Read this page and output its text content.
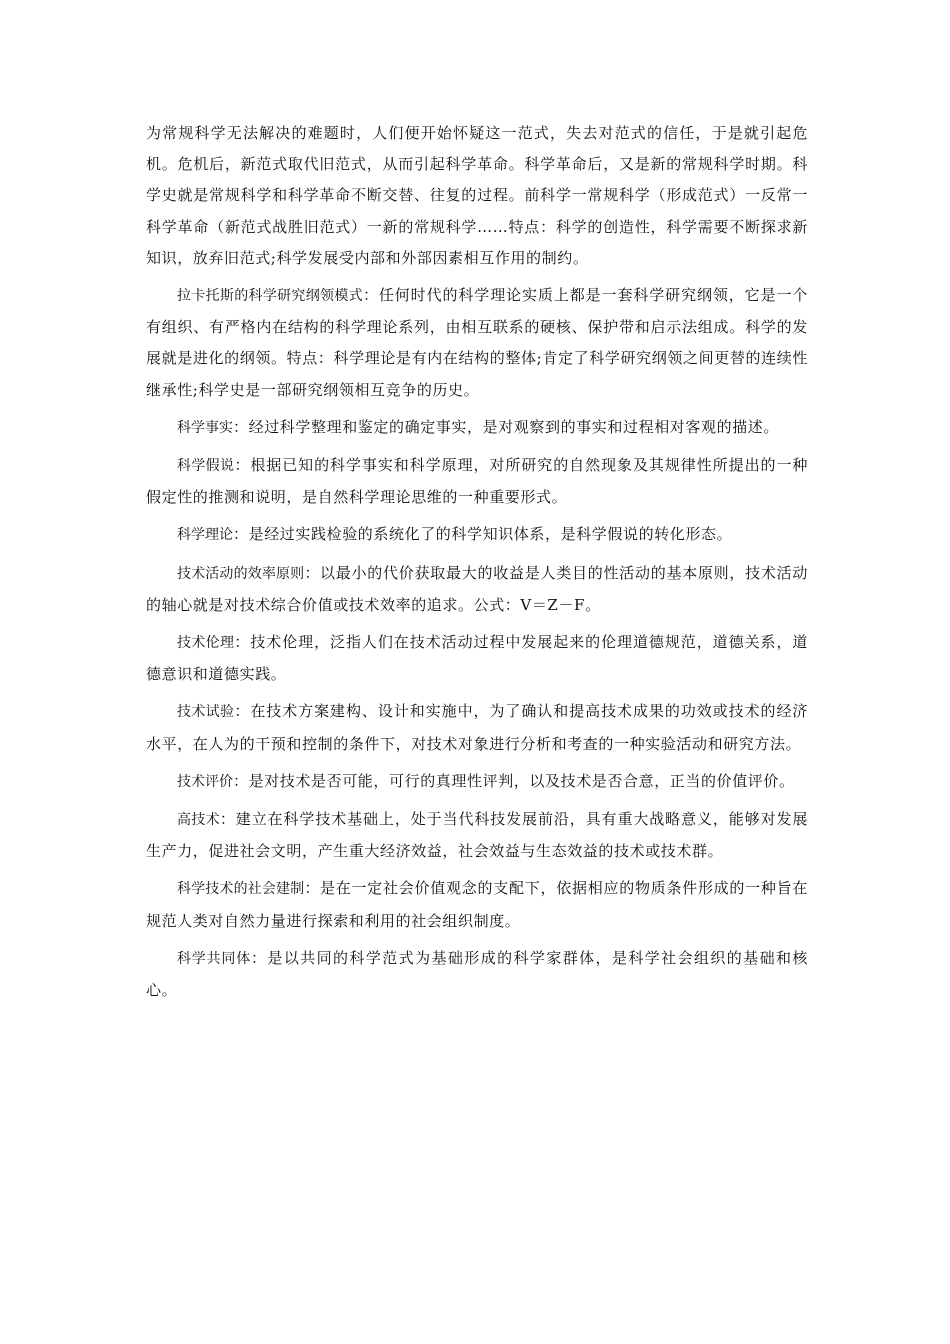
为常规科学无法解决的难题时，人们便开始怀疑这一范式，失去对范式的信任，于是就引起危机。危机后，新范式取代旧范式，从而引起科学革命。科学革命后，又是新的常规科学时期。科学史就是常规科学和科学革命不断交替、往复的过程。前科学一常规科学（形成范式）一反常一科学革命（新范式战胜旧范式）一新的常规科学……特点：科学的创造性，科学需要不断探求新知识，放弃旧范式;科学发展受内部和外部因素相互作用的制约。

拉卡托斯的科学研究纲领模式：任何时代的科学理论实质上都是一套科学研究纲领，它是一个有组织、有严格内在结构的科学理论系列，由相互联系的硬核、保护带和启示法组成。科学的发展就是进化的纲领。特点：科学理论是有内在结构的整体;肯定了科学研究纲领之间更替的连续性继承性;科学史是一部研究纲领相互竞争的历史。

科学事实：经过科学整理和鉴定的确定事实，是对观察到的事实和过程相对客观的描述。

科学假说：根据已知的科学事实和科学原理，对所研究的自然现象及其规律性所提出的一种假定性的推测和说明，是自然科学理论思维的一种重要形式。

科学理论：是经过实践检验的系统化了的科学知识体系，是科学假说的转化形态。

技术活动的效率原则：以最小的代价获取最大的收益是人类目的性活动的基本原则，技术活动的轴心就是对技术综合价值或技术效率的追求。公式：V＝Z－F。

技术伦理：技术伦理，泛指人们在技术活动过程中发展起来的伦理道德规范，道德关系，道德意识和道德实践。

技术试验：在技术方案建构、设计和实施中，为了确认和提高技术成果的功效或技术的经济水平，在人为的干预和控制的条件下，对技术对象进行分析和考查的一种实验活动和研究方法。

技术评价：是对技术是否可能，可行的真理性评判，以及技术是否合意，正当的价值评价。

高技术：建立在科学技术基础上，处于当代科技发展前沿，具有重大战略意义，能够对发展生产力，促进社会文明，产生重大经济效益，社会效益与生态效益的技术或技术群。

科学技术的社会建制：是在一定社会价值观念的支配下，依据相应的物质条件形成的一种旨在规范人类对自然力量进行探索和利用的社会组织制度。

科学共同体：是以共同的科学范式为基础形成的科学家群体，是科学社会组织的基础和核心。
